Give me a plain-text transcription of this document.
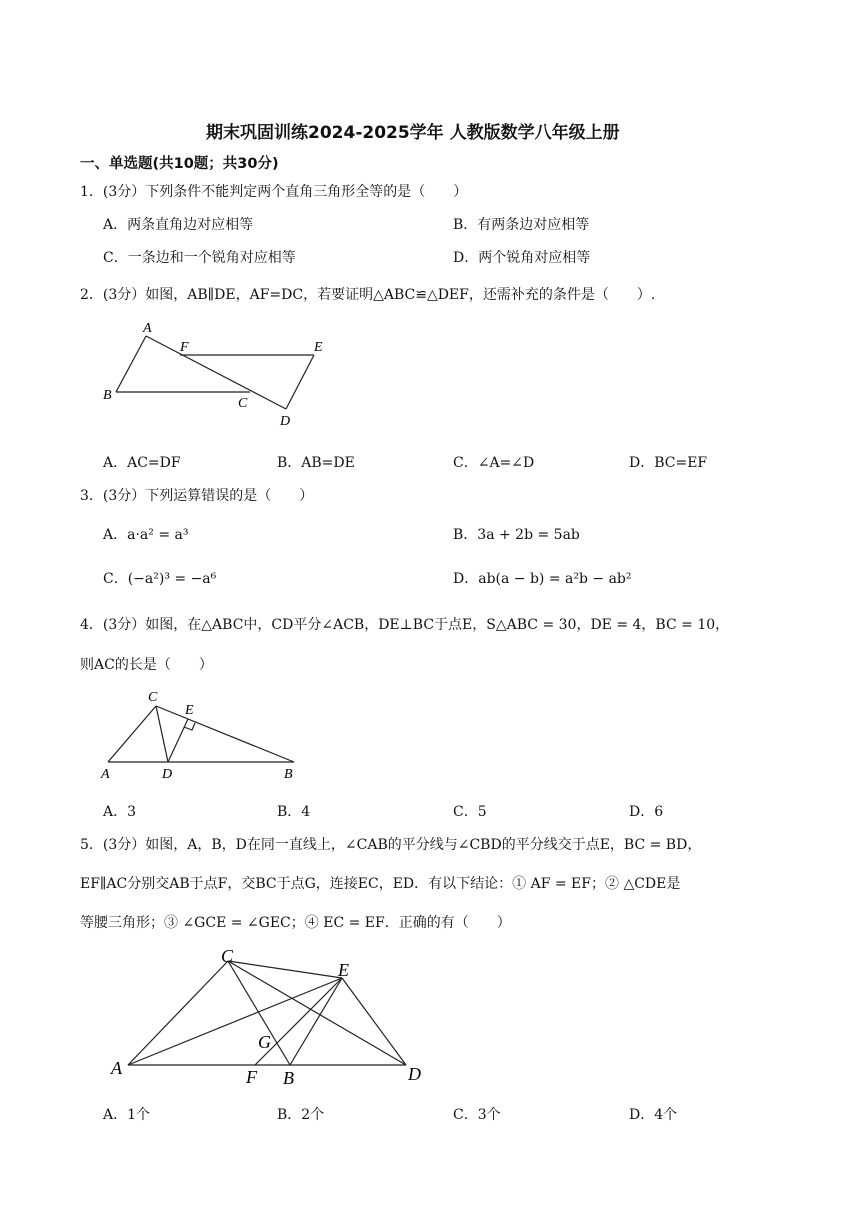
期末巩固训练2024-2025学年 人教版数学八年级上册
一、单选题(共10题；共30分)
1．(3分）下列条件不能判定两个直角三角形全等的是（　　）
A．两条直角边对应相等	B．有两条边对应相等
C．一条边和一个锐角对应相等	D．两个锐角对应相等
2．(3分）如图，AB∥DE，AF=DC，若要证明△ABC≌△DEF，还需补充的条件是（　　）.
A
F	E
B
C
D
A．AC=DF	B．AB=DE	C．∠A=∠D	D．BC=EF
3．(3分）下列运算错误的是（　　）
A．a·a² = a³	B．3a + 2b = 5ab
C．(−a²)³ = −a⁶	D．ab(a − b) = a²b − ab²
4．(3分）如图，在△ABC中，CD平分∠ACB，DE⊥BC于点E，S△ABC = 30，DE = 4，BC = 10，
则AC的长是（　　）
C
E
A	D	B
A．3	B．4	C．5	D．6
5．(3分）如图，A，B，D在同一直线上，∠CAB的平分线与∠CBD的平分线交于点E，BC = BD，
EF∥AC分别交AB于点F，交BC于点G，连接EC，ED．有以下结论：① AF = EF；② △CDE是
等腰三角形；③ ∠GCE = ∠GEC；④ EC = EF．正确的有（　　）
C
E
G
A	F B	D
A．1个	B．2个	C．3个	D．4个
